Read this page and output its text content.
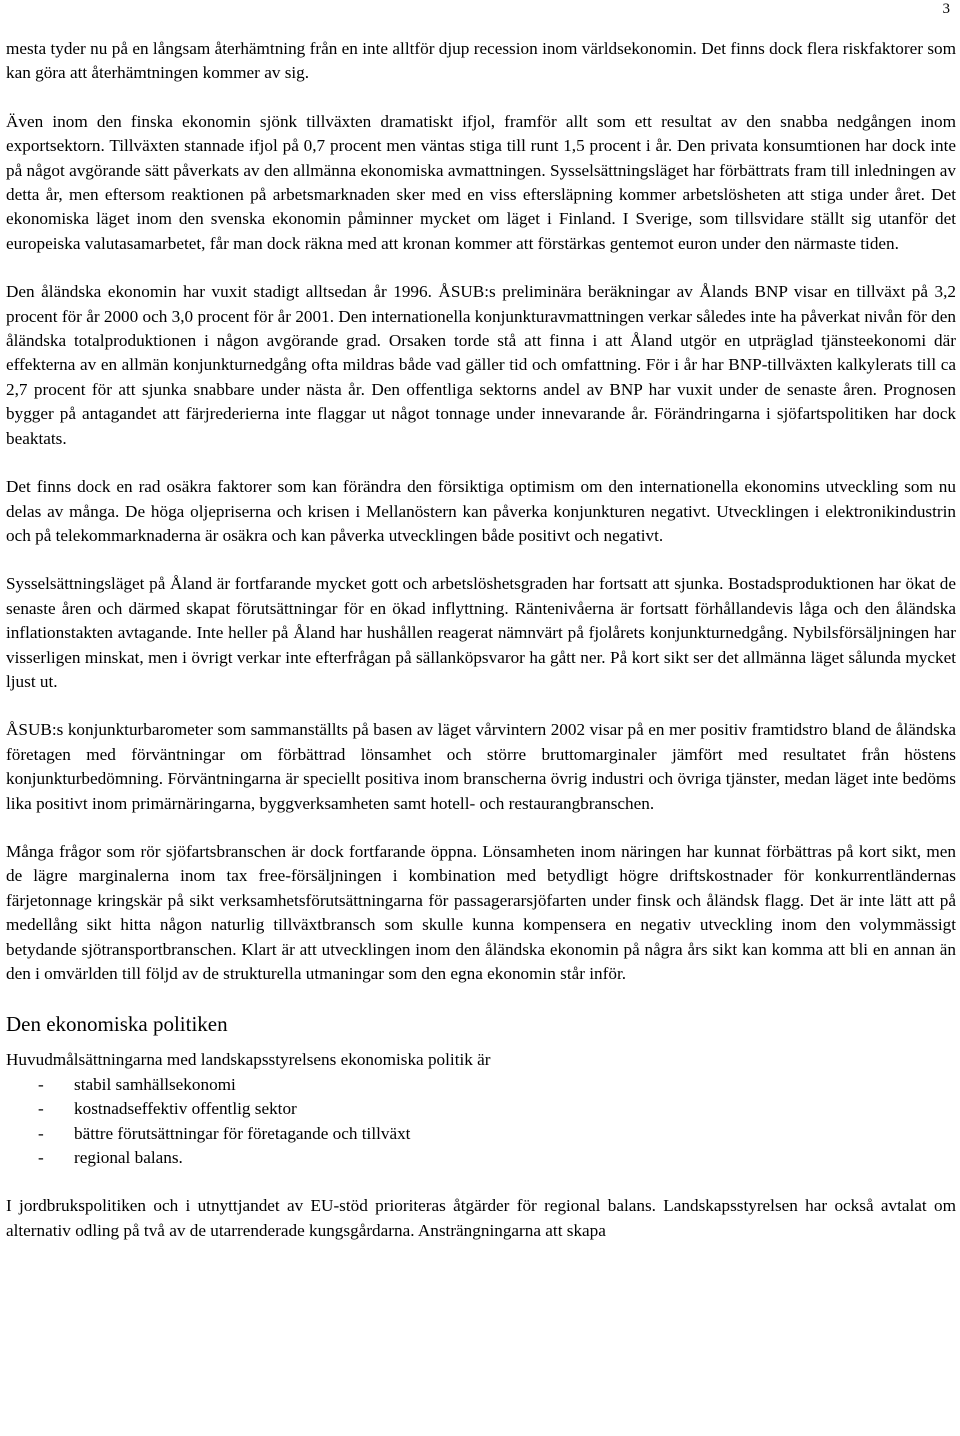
3

mesta tyder nu på en långsam återhämtning från en inte alltför djup recession inom världsekonomin. Det finns dock flera riskfaktorer som kan göra att återhämtningen kommer av sig.

Även inom den finska ekonomin sjönk tillväxten dramatiskt ifjol, framför allt som ett resultat av den snabba nedgången inom exportsektorn. Tillväxten stannade ifjol på 0,7 procent men väntas stiga till runt 1,5 procent i år. Den privata konsumtionen har dock inte på något avgörande sätt påverkats av den allmänna ekonomiska avmattningen. Sysselsättningsläget har förbättrats fram till inledningen av detta år, men eftersom reaktionen på arbetsmarknaden sker med en viss eftersläpning kommer arbetslösheten att stiga under året. Det ekonomiska läget inom den svenska ekonomin påminner mycket om läget i Finland. I Sverige, som tillsvidare ställt sig utanför det europeiska valutasamarbetet, får man dock räkna med att kronan kommer att förstärkas gentemot euron under den närmaste tiden.

Den åländska ekonomin har vuxit stadigt alltsedan år 1996. ÅSUB:s preliminära beräkningar av Ålands BNP visar en tillväxt på 3,2 procent för år 2000 och 3,0 procent för år 2001. Den internationella konjunkturavmattningen verkar således inte ha påverkat nivån för den åländska totalproduktionen i någon avgörande grad. Orsaken torde stå att finna i att Åland utgör en utpräglad tjänsteekonomi där effekterna av en allmän konjunkturnedgång ofta mildras både vad gäller tid och omfattning. För i år har BNP-tillväxten kalkylerats till ca 2,7 procent för att sjunka snabbare under nästa år. Den offentliga sektorns andel av BNP har vuxit under de senaste åren. Prognosen bygger på antagandet att färjrederierna inte flaggar ut något tonnage under innevarande år. Förändringarna i sjöfartspolitiken har dock beaktats.

Det finns dock en rad osäkra faktorer som kan förändra den försiktiga optimism om den internationella ekonomins utveckling som nu delas av många. De höga oljepriserna och krisen i Mellanöstern kan påverka konjunkturen negativt. Utvecklingen i elektronikindustrin och på telekommarknaderna är osäkra och kan påverka utvecklingen både positivt och negativt.

Sysselsättningsläget på Åland är fortfarande mycket gott och arbetslöshetsgraden har fortsatt att sjunka. Bostadsproduktionen har ökat de senaste åren och därmed skapat förutsättningar för en ökad inflyttning. Räntenivåerna är fortsatt förhållandevis låga och den åländska inflationstakten avtagande. Inte heller på Åland har hushållen reagerat nämnvärt på fjolårets konjunkturnedgång. Nybilsförsäljningen har visserligen minskat, men i övrigt verkar inte efterfrågan på sällanköpsvaror ha gått ner. På kort sikt ser det allmänna läget sålunda mycket ljust ut.

ÅSUB:s konjunkturbarometer som sammanställts på basen av läget vårvintern 2002 visar på en mer positiv framtidstro bland de åländska företagen med förväntningar om förbättrad lönsamhet och större bruttomarginaler jämfört med resultatet från höstens konjunkturbedömning. Förväntningarna är speciellt positiva inom branscherna övrig industri och övriga tjänster, medan läget inte bedöms lika positivt inom primärnäringarna, byggverksamheten samt hotell- och restaurangbranschen.

Många frågor som rör sjöfartsbranschen är dock fortfarande öppna. Lönsamheten inom näringen har kunnat förbättras på kort sikt, men de lägre marginalerna inom tax free-försäljningen i kombination med betydligt högre driftskostnader för konkurrentländernas färjetonnage kringskär på sikt verksamhetsförutsättningarna för passagerarsjöfarten under finsk och åländsk flagg. Det är inte lätt att på medellång sikt hitta någon naturlig tillväxtbransch som skulle kunna kompensera en negativ utveckling inom den volymmässigt betydande sjötransportbranschen. Klart är att utvecklingen inom den åländska ekonomin på några års sikt kan komma att bli en annan än den i omvärlden till följd av de strukturella utmaningar som den egna ekonomin står inför.

Den ekonomiska politiken

Huvudmålsättningarna med landskapsstyrelsens ekonomiska politik är

- stabil samhällsekonomi
- kostnadseffektiv offentlig sektor
- bättre förutsättningar för företagande och tillväxt
- regional balans.

I jordbrukspolitiken och i utnyttjandet av EU-stöd prioriteras åtgärder för regional balans. Landskapsstyrelsen har också avtalat om alternativ odling på två av de utarrenderade kungsgårdarna. Ansträngningarna att skapa
